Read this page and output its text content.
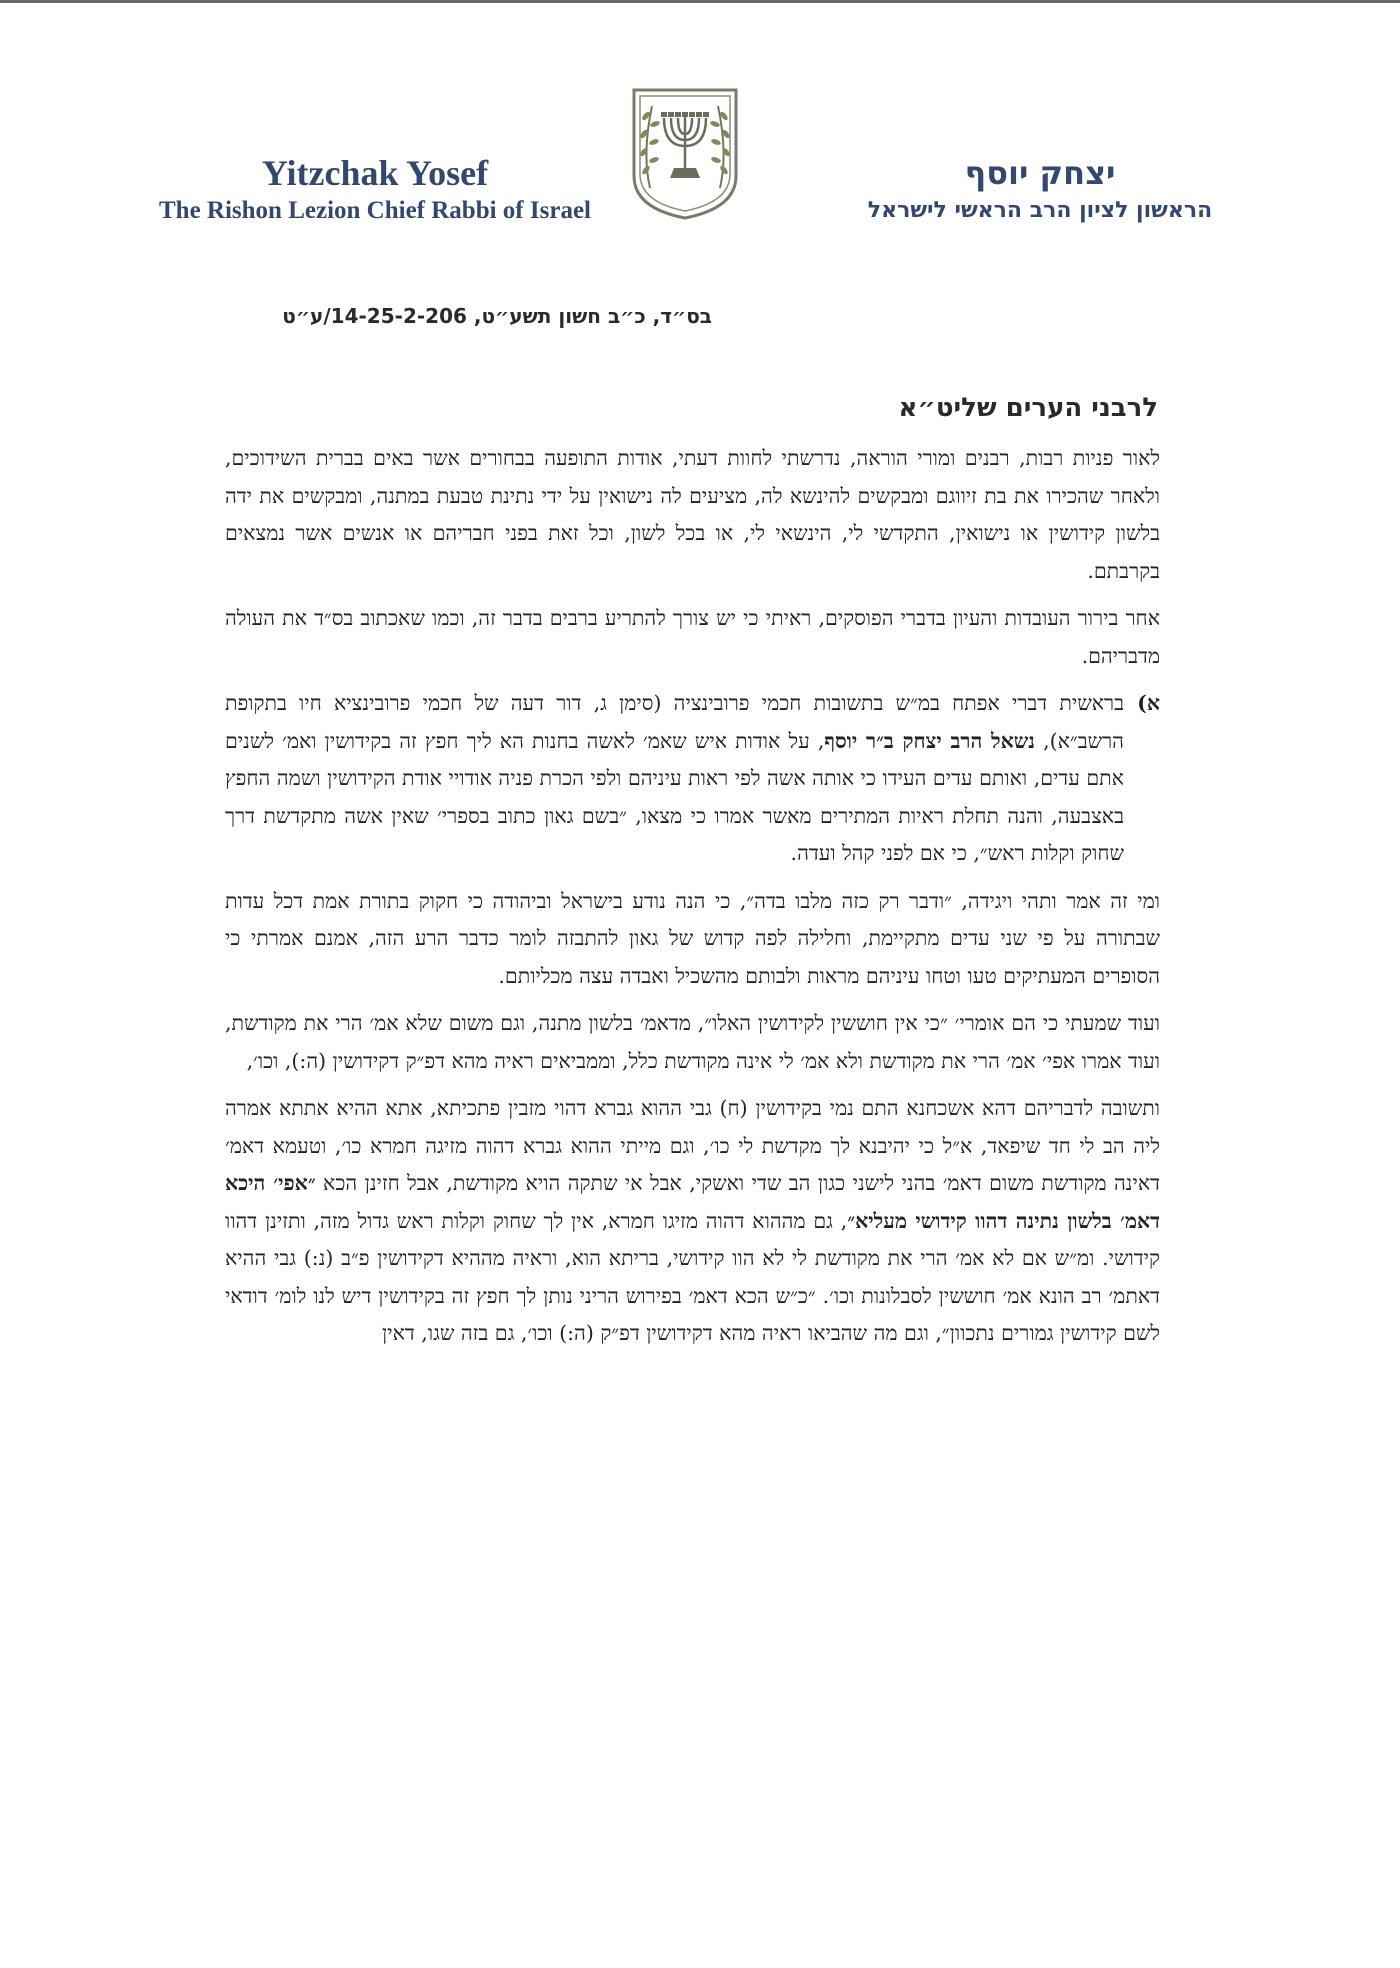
Yitzchak Yosef
The Rishon Lezion Chief Rabbi of Israel
יצחק יוסף
הראשון לציון הרב הראשי לישראל
בס״ד, כ״ב חשון תשע״ט, 14-25-2-206/ע״ט
לרבני הערים שליט״א

לאור פניות רבות, רבנים ומורי הוראה, נדרשתי לחוות דעתי, אודות התופעה בבחורים אשר באים בברית השידוכים, ולאחר שהכירו את בת זיווגם ומבקשים להינשא לה, מציעים לה נישואין על ידי נתינת טבעת במתנה, ומבקשים את ידה בלשון קידושין או נישואין, התקדשי לי, הינשאי לי, או בכל לשון, וכל זאת בפני חבריהם או אנשים אשר נמצאים בקרבתם.

אחר בירור העובדות והעיון בדברי הפוסקים, ראיתי כי יש צורך להתריע ברבים בדבר זה, וכמו שאכתוב בס״ד את העולה מדבריהם.

א)
בראשית דברי אפתח במ״ש בתשובות חכמי פרובינציה (סימן ג, דור דעה של חכמי פרובינציא חיו בתקופת הרשב״א), נשאל הרב יצחק ב״ר יוסף, על אודות איש שאמ׳ לאשה בחנות הא ליך חפץ זה בקידושין ואמ׳ לשנים אתם עדים, ואותם עדים העידו כי אותה אשה לפי ראות עיניהם ולפי הכרת פניה אודויי אודת הקידושין ושמה החפץ באצבעה, והנה תחלת ראיות המתירים מאשר אמרו כי מצאו, ״בשם גאון כתוב בספרי׳ שאין אשה מתקדשת דרך שחוק וקלות ראש״, כי אם לפני קהל ועדה.

ומי זה אמר ותהי ויגידה, ״ודבר רק כזה מלבו בדה״, כי הנה נודע בישראל וביהודה כי חקוק בתורת אמת דכל עדות שבתורה על פי שני עדים מתקיימת, וחלילה לפה קדוש של גאון להתבזה לומר כדבר הרע הזה, אמנם אמרתי כי הסופרים המעתיקים טעו וטחו עיניהם מראות ולבותם מהשכיל ואבדה עצה מכליותם.

ועוד שמעתי כי הם אומרי׳ ״כי אין חוששין לקידושין האלו״, מדאמ׳ בלשון מתנה, וגם משום שלא אמ׳ הרי את מקודשת, ועוד אמרו אפי׳ אמ׳ הרי את מקודשת ולא אמ׳ לי אינה מקודשת כלל, וממביאים ראיה מהא דפ״ק דקידושין (ה:), וכו׳,

ותשובה לדבריהם דהא אשכחנא התם נמי בקידושין (ח) גבי ההוא גברא דהוי מזבין פתכיתא, אתא ההיא אתתא אמרה ליה הב לי חד שיפאד, א״ל כי יהיבנא לך מקדשת לי כו׳, וגם מייתי ההוא גברא דהוה מזיגה חמרא כו׳, וטעמא דאמ׳ דאינה מקודשת משום דאמ׳ בהני לישני כגון הב שדי ואשקי, אבל אי שתקה הויא מקודשת, אבל חזינן הכא ״אפי׳ היכא דאמ׳ בלשון נתינה דהוו קידושי מעליא״, גם מההוא דהוה מזיגו חמרא, אין לך שחוק וקלות ראש גדול מזה, ותזינן דהוו קידושי. ומ״ש אם לא אמ׳ הרי את מקודשת לי לא הוו קידושי, בריתא הוא, וראיה מההיא דקידושין פ״ב (נ:) גבי ההיא דאתמ׳ רב הונא אמ׳ חוששין לסבלונות וכו׳. ״כ״ש הכא דאמ׳ בפירוש הריני נותן לך חפץ זה בקידושין דיש לנו לומ׳ דודאי לשם קידושין גמורים נתכוון״, וגם מה שהביאו ראיה מהא דקידושין דפ״ק (ה:) וכו׳, גם בזה שגו, דאין
